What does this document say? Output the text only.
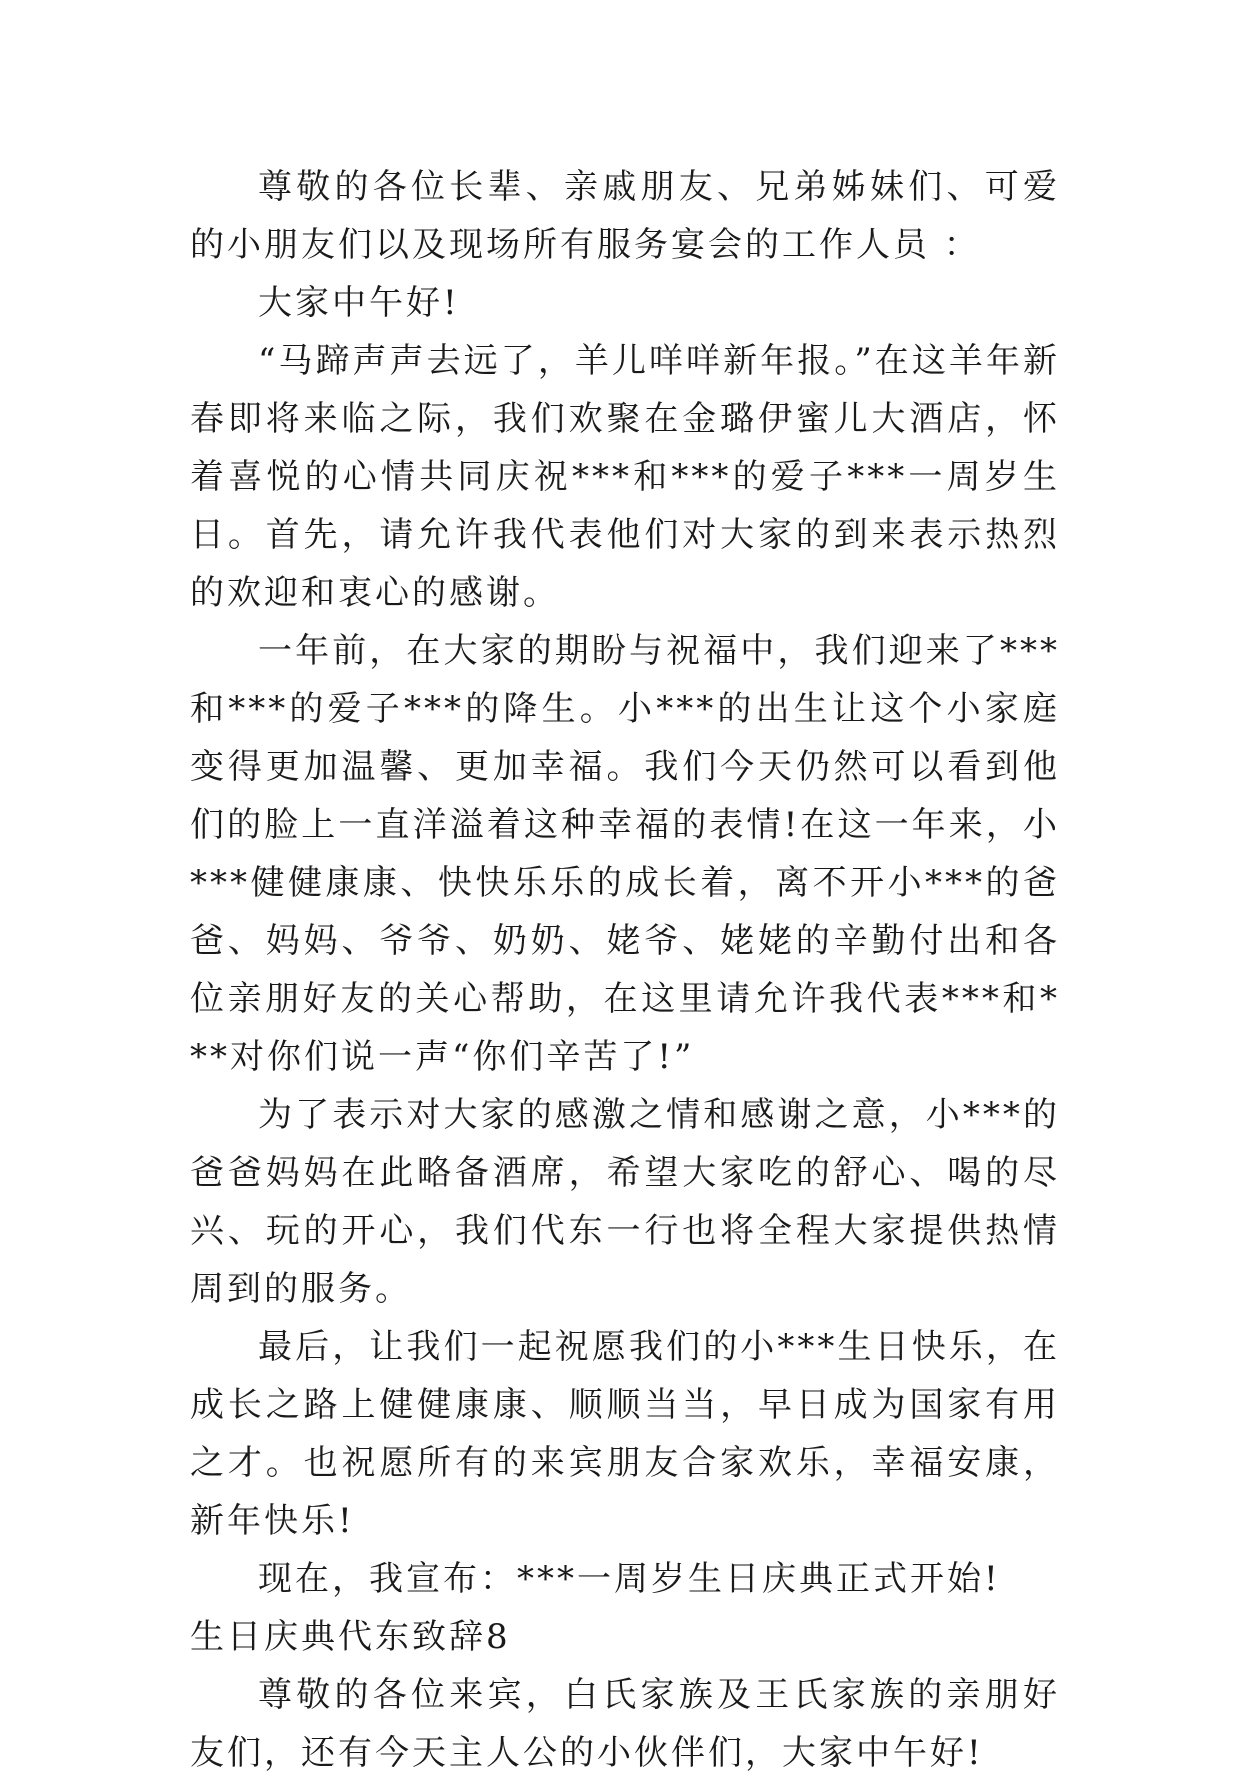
尊敬的各位长辈、亲戚朋友、兄弟姊妹们、可爱的小朋友们以及现场所有服务宴会的工作人员 ：

大家中午好!

“马蹄声声去远了，羊儿咩咩新年报。”在这羊年新春即将来临之际，我们欢聚在金璐伊蜜儿大酒店，怀着喜悦的心情共同庆祝***和***的爱子***一周岁生日。首先，请允许我代表他们对大家的到来表示热烈的欢迎和衷心的感谢。

一年前，在大家的期盼与祝福中，我们迎来了***和***的爱子***的降生。小***的出生让这个小家庭变得更加温馨、更加幸福。我们今天仍然可以看到他们的脸上一直洋溢着这种幸福的表情!在这一年来，小***健健康康、快快乐乐的成长着，离不开小***的爸爸、妈妈、爷爷、奶奶、姥爷、姥姥的辛勤付出和各位亲朋好友的关心帮助，在这里请允许我代表***和***对你们说一声“你们辛苦了!”

为了表示对大家的感激之情和感谢之意，小***的爸爸妈妈在此略备酒席，希望大家吃的舒心、喝的尽兴、玩的开心，我们代东一行也将全程大家提供热情周到的服务。

最后，让我们一起祝愿我们的小***生日快乐，在成长之路上健健康康、顺顺当当，早日成为国家有用之才。也祝愿所有的来宾朋友合家欢乐，幸福安康，新年快乐!

现在，我宣布：***一周岁生日庆典正式开始!

生日庆典代东致辞8

尊敬的各位来宾，白氏家族及王氏家族的亲朋好友们，还有今天主人公的小伙伴们，大家中午好!
